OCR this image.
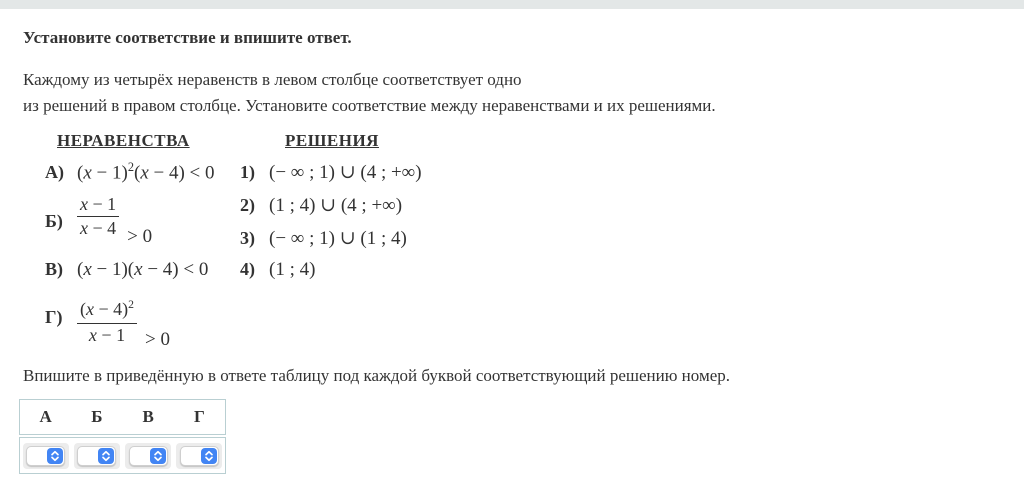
Установите соответствие и впишите ответ.
Каждому из четырёх неравенств в левом столбце соответствует одно
из решений в правом столбце. Установите соответствие между неравенствами и их решениями.
НЕРАВЕНСТВА	РЕШЕНИЯ
А) $(x - 1)^2(x - 4) < 0$
$Б) \frac{x - 1}{x - 4} > 0$
В) (x − 1)(x − 4) < 0
$Г) \frac{(x - 4)^2}{x - 1} > 0$
1) (− ∞ ; 1) ∪ (4 ; +∞)
2) (1 ; 4) ∪ (4 ; +∞)
3) (− ∞ ; 1) ∪ (1 ; 4)
4) (1 ; 4)
Впишите в приведённую в ответе таблицу под каждой буквой соответствующий решению номер.
А Б В Г
